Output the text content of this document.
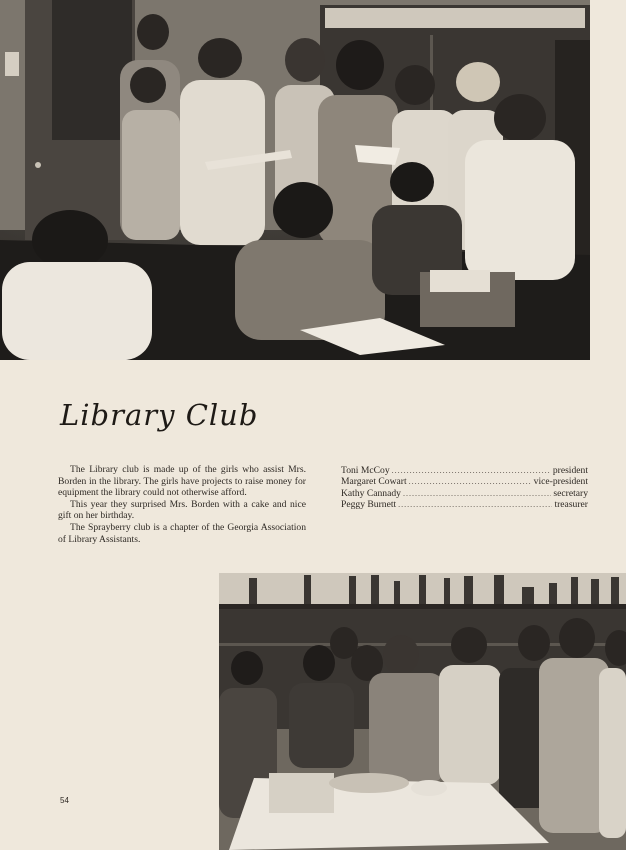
Library Club

The Library club is made up of the girls who assist Mrs. Borden in the library. The girls have projects to raise money for equipment the library could not otherwise afford.

This year they surprised Mrs. Borden with a cake and nice gift on her birthday.

The Sprayberry club is a chapter of the Georgia Association of Library Assistants.

Toni McCoy .....	president
Margaret Cowart .....	vice-president
Kathy Cannady .....	secretary
Peggy Burnett .....	treasurer
54
